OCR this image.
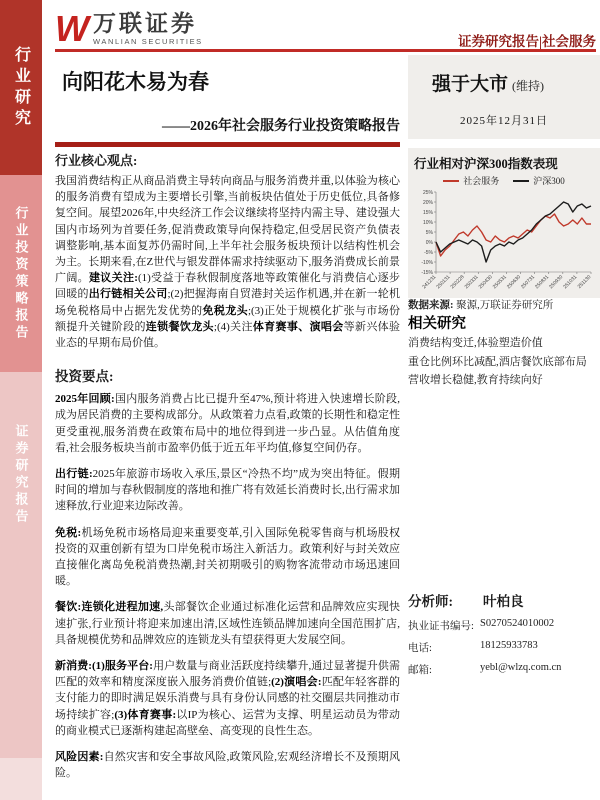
行业研究
行业投资策略报告
证券研究报告
W 万联证券
WANLIAN SECURITIES	证券研究报告|社会服务
向阳花木易为春
——2026年社会服务行业投资策略报告
强于大市 (维持)
2025年12月31日
行业核心观点:

我国消费结构正从商品消费主导转向商品与服务消费并重,以体验为核心的服务消费有望成为主要增长引擎,当前板块估值处于历史低位,具备修复空间。展望2026年,中央经济工作会议继续将坚持内需主导、建设强大国内市场列为首要任务,促消费政策导向保持稳定,但受居民资产负债表调整影响,基本面复苏仍需时间,上半年社会服务板块预计以结构性机会为主。长期来看,在Z世代与银发群体需求持续驱动下,服务消费成长前景广阔。建议关注:(1)受益于春秋假制度落地等政策催化与消费信心逐步回暖的出行链相关公司;(2)把握海南自贸港封关运作机遇,并在新一轮机场免税格局中占据先发优势的免税龙头;(3)正处于规模化扩张与市场份额提升关键阶段的连锁餐饮龙头;(4)关注体育赛事、演唱会等新兴体验业态的早期布局价值。

投资要点:

2025年回顾:国内服务消费占比已提升至47%,预计将进入快速增长阶段,成为居民消费的主要构成部分。从政策着力点看,政策的长期性和稳定性更受重视,服务消费在政策布局中的地位得到进一步凸显。从估值角度看,社会服务板块当前市盈率仍低于近五年平均值,修复空间仍存。

出行链:2025年旅游市场收入承压,景区“冷热不均”成为突出特征。假期时间的增加与春秋假制度的落地和推广将有效延长消费时长,出行需求加速释放,行业迎来边际改善。

免税:机场免税市场格局迎来重要变革,引入国际免税零售商与机场股权投资的双重创新有望为口岸免税市场注入新活力。政策利好与封关效应直接催化离岛免税消费热潮,封关初期吸引的购物客流带动市场迅速回暖。

餐饮:连锁化进程加速,头部餐饮企业通过标准化运营和品牌效应实现快速扩张,行业预计将迎来加速出清,区域性连锁品牌加速向全国范围扩店,具备规模优势和品牌效应的连锁龙头有望获得更大发展空间。

新消费:(1)服务平台:用户数量与商业活跃度持续攀升,通过显著提升供需匹配的效率和精度深度嵌入服务消费价值链;(2)演唱会:匹配年轻客群的支付能力的即时满足娱乐消费与具有身份认同感的社交圈层共同推动市场持续扩容;(3)体育赛事:以IP为核心、运营为支撑、明星运动员为带动的商业模式已逐渐构建起高壁垒、高变现的良性生态。

风险因素:自然灾害和安全事故风险,政策风险,宏观经济增长不及预期风险。

行业相对沪深300指数表现
社会服务	沪深300
25%
20%
15%
10%
5%
0%
-5%
-10%
-15%
241231
250131
250228
250331
250430
250531
250630
250731
250831
250930
251031
251130
数据来源: 聚源,万联证券研究所
相关研究
消费结构变迁,体验塑造价值
重仓比例环比减配,酒店餐饮底部布局
营收增长稳健,教育持续向好
分析师: 叶柏良
执业证书编号: S0270524010002
电话:	18125933783
邮箱:	yebl@wlzq.com.cn
